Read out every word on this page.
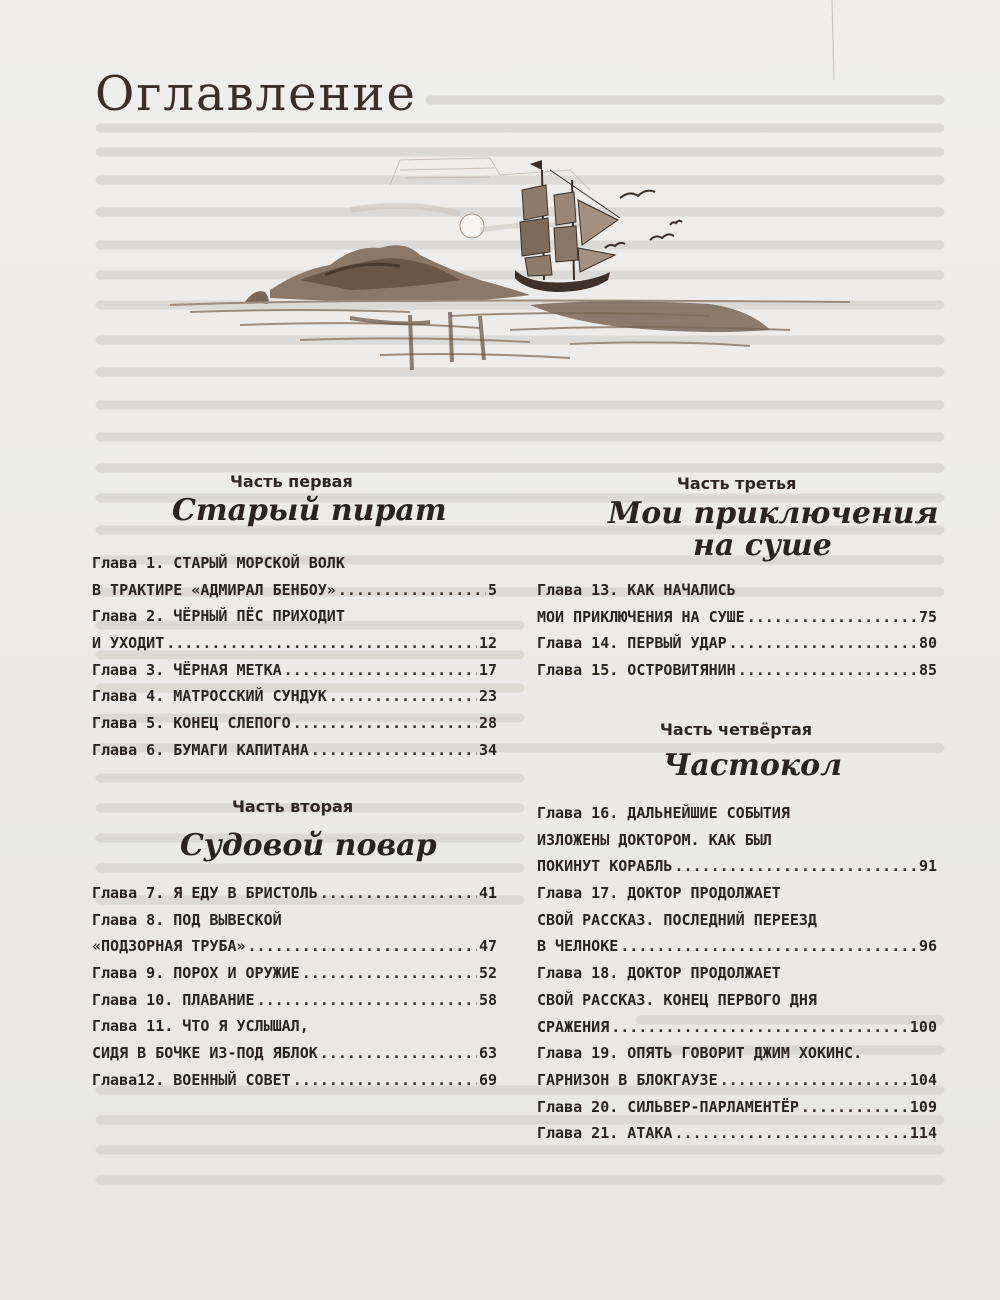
Оглавление
Часть первая
Старый пират
Глава 1. СТАРЫЙ МОРСКОЙ ВОЛК
В ТРАКТИРЕ «АДМИРАЛ БЕНБОУ» .....	5
Глава 2. ЧЁРНЫЙ ПЁС ПРИХОДИТ
И УХОДИТ .....	12
Глава 3. ЧЁРНАЯ МЕТКА .....	17
Глава 4. МАТРОССКИЙ СУНДУК .....	23
Глава 5. КОНЕЦ СЛЕПОГО .....	28
Глава 6. БУМАГИ КАПИТАНА .....	34
Часть вторая
Судовой повар
Глава 7. Я ЕДУ В БРИСТОЛЬ .....	41
Глава 8. ПОД ВЫВЕСКОЙ
«ПОДЗОРНАЯ ТРУБА» .....	47
Глава 9. ПОРОХ И ОРУЖИЕ .....	52
Глава 10. ПЛАВАНИЕ .....	58
Глава 11. ЧТО Я УСЛЫШАЛ,
СИДЯ В БОЧКЕ ИЗ-ПОД ЯБЛОК .....	63
Глава12. ВОЕННЫЙ СОВЕТ .....	69
Часть третья
Мои приключения
на суше
Глава 13. КАК НАЧАЛИСЬ
МОИ ПРИКЛЮЧЕНИЯ НА СУШЕ .....	75
Глава 14. ПЕРВЫЙ УДАР .....	80
Глава 15. ОСТРОВИТЯНИН .....	85
Часть четвёртая
Частокол
Глава 16. ДАЛЬНЕЙШИЕ СОБЫТИЯ
ИЗЛОЖЕНЫ ДОКТОРОМ. КАК БЫЛ
ПОКИНУТ КОРАБЛЬ .....	91
Глава 17. ДОКТОР ПРОДОЛЖАЕТ
СВОЙ РАССКАЗ. ПОСЛЕДНИЙ ПЕРЕЕЗД
В ЧЕЛНОКЕ .....	96
Глава 18. ДОКТОР ПРОДОЛЖАЕТ
СВОЙ РАССКАЗ. КОНЕЦ ПЕРВОГО ДНЯ
СРАЖЕНИЯ .....	100
Глава 19. ОПЯТЬ ГОВОРИТ ДЖИМ ХОКИНС.
ГАРНИЗОН В БЛОКГАУЗЕ .....	104
Глава 20. СИЛЬВЕР-ПАРЛАМЕНТЁР .....	109
Глава 21. АТАКА .....	114
